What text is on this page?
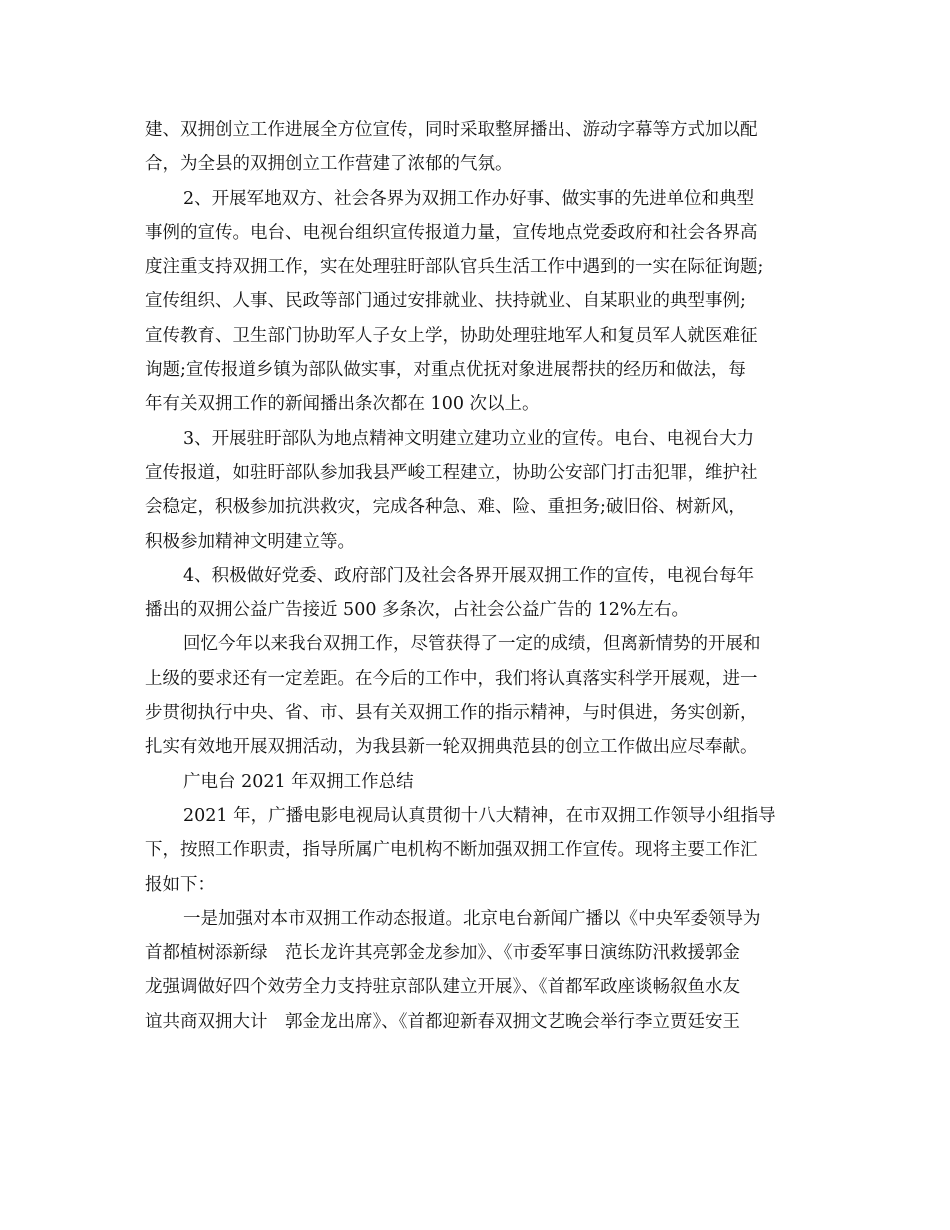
建、双拥创立工作进展全方位宣传，同时采取整屏播出、游动字幕等方式加以配
合，为全县的双拥创立工作营建了浓郁的气氛。
2、开展军地双方、社会各界为双拥工作办好事、做实事的先进单位和典型
事例的宣传。电台、电视台组织宣传报道力量，宣传地点党委政府和社会各界高
度注重支持双拥工作，实在处理驻盱部队官兵生活工作中遇到的一实在际征询题;
宣传组织、人事、民政等部门通过安排就业、扶持就业、自某职业的典型事例;
宣传教育、卫生部门协助军人子女上学，协助处理驻地军人和复员军人就医难征
询题;宣传报道乡镇为部队做实事，对重点优抚对象进展帮扶的经历和做法，每
年有关双拥工作的新闻播出条次都在 100 次以上。
3、开展驻盱部队为地点精神文明建立建功立业的宣传。电台、电视台大力
宣传报道，如驻盱部队参加我县严峻工程建立，协助公安部门打击犯罪，维护社
会稳定，积极参加抗洪救灾，完成各种急、难、险、重担务;破旧俗、树新风，
积极参加精神文明建立等。
4、积极做好党委、政府部门及社会各界开展双拥工作的宣传，电视台每年
播出的双拥公益广告接近 500 多条次，占社会公益广告的 12%左右。
回忆今年以来我台双拥工作，尽管获得了一定的成绩，但离新情势的开展和
上级的要求还有一定差距。在今后的工作中，我们将认真落实科学开展观，进一
步贯彻执行中央、省、市、县有关双拥工作的指示精神，与时俱进，务实创新，
扎实有效地开展双拥活动，为我县新一轮双拥典范县的创立工作做出应尽奉献。
广电台 2021 年双拥工作总结
2021 年，广播电影电视局认真贯彻十八大精神，在市双拥工作领导小组指导
下，按照工作职责，指导所属广电机构不断加强双拥工作宣传。现将主要工作汇
报如下：
一是加强对本市双拥工作动态报道。北京电台新闻广播以《中央军委领导为
首都植树添新绿　范长龙许其亮郭金龙参加》、《市委军事日演练防汛救援郭金
龙强调做好四个效劳全力支持驻京部队建立开展》、《首都军政座谈畅叙鱼水友
谊共商双拥大计　郭金龙出席》、《首都迎新春双拥文艺晚会举行李立贾廷安王
